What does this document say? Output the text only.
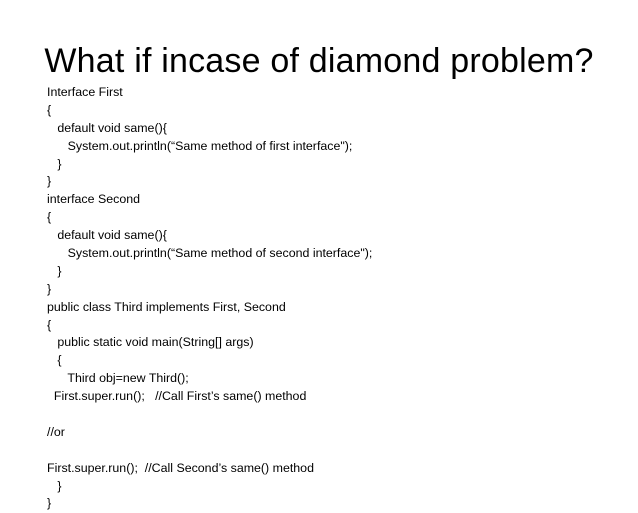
What if incase of diamond problem?
Interface First
{
default void same(){
System.out.println(“Same method of first interface");
}
}
interface Second
{
default void same(){
System.out.println(“Same method of second interface");
}
}
public class Third implements First, Second
{
public static void main(String[] args)
{
Third obj=new Third();
First.super.run();   //Call First’s same() method
//or
First.super.run();  //Call Second’s same() method
}
}
